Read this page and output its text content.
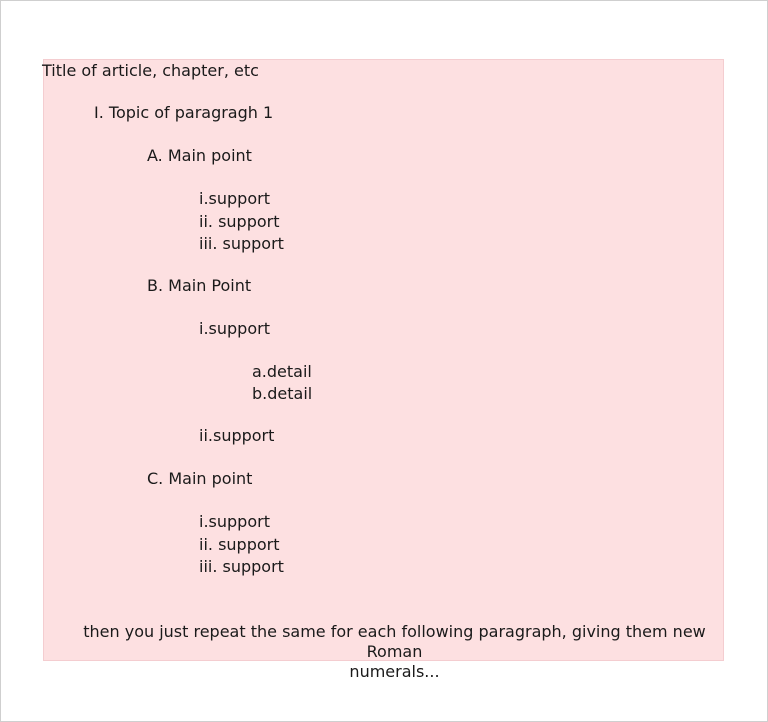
Title of article, chapter, etc
I. Topic of paragragh 1
A. Main point
i.support
ii. support
iii. support
B. Main Point
i.support
a.detail
b.detail
ii.support
C. Main point
i.support
ii. support
iii. support
then you just repeat the same for each following paragraph, giving them new Roman
numerals...
